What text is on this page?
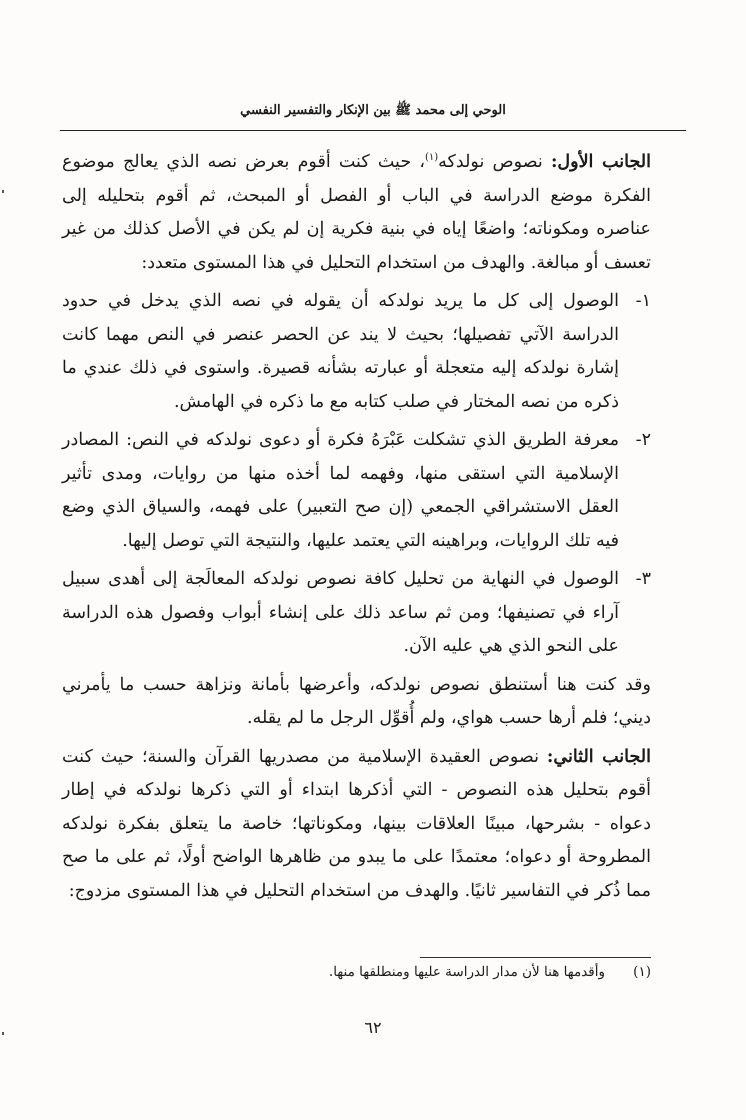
الوحي إلى محمد ﷺ بين الإنكار والتفسير النفسي

الجانب الأول: نصوص نولدكه$^{(١)}$، حيث كنت أقوم بعرض نصه الذي يعالج موضوع الفكرة موضع الدراسة في الباب أو الفصل أو المبحث، ثم أقوم بتحليله إلى عناصره ومكوناته؛ واضعًا إياه في بنية فكرية إن لم يكن في الأصل كذلك من غير تعسف أو مبالغة. والهدف من استخدام التحليل في هذا المستوى متعدد:

١-
الوصول إلى كل ما يريد نولدكه أن يقوله في نصه الذي يدخل في حدود الدراسة الآتي تفصيلها؛ بحيث لا يند عن الحصر عنصر في النص مهما كانت إشارة نولدكه إليه متعجلة أو عبارته بشأنه قصيرة. واستوى في ذلك عندي ما ذكره من نصه المختار في صلب كتابه مع ما ذكره في الهامش.
٢-
معرفة الطريق الذي تشكلت عَبْرَهُ فكرة أو دعوى نولدكه في النص: المصادر الإسلامية التي استقى منها، وفهمه لما أخذه منها من روايات، ومدى تأثير العقل الاستشراقي الجمعي (إن صح التعبير) على فهمه، والسياق الذي وضع فيه تلك الروايات، وبراهينه التي يعتمد عليها، والنتيجة التي توصل إليها.
٣-
الوصول في النهاية من تحليل كافة نصوص نولدكه المعالَجة إلى أهدى سبيل آراء في تصنيفها؛ ومن ثم ساعد ذلك على إنشاء أبواب وفصول هذه الدراسة على النحو الذي هي عليه الآن.

وقد كنت هنا أستنطق نصوص نولدكه، وأعرضها بأمانة ونزاهة حسب ما يأمرني ديني؛ فلم أرها حسب هواي، ولم أُقوِّل الرجل ما لم يقله.

الجانب الثاني: نصوص العقيدة الإسلامية من مصدريها القرآن والسنة؛ حيث كنت أقوم بتحليل هذه النصوص - التي أذكرها ابتداء أو التي ذكرها نولدكه في إطار دعواه - بشرحها، مبينًا العلاقات بينها، ومكوناتها؛ خاصة ما يتعلق بفكرة نولدكه المطروحة أو دعواه؛ معتمدًا على ما يبدو من ظاهرها الواضح أولًا، ثم على ما صح مما ذُكر في التفاسير ثانيًا. والهدف من استخدام التحليل في هذا المستوى مزدوج:

(١)
وأقدمها هنا لأن مدار الدراسة عليها ومنطلقها منها.
٦٢
